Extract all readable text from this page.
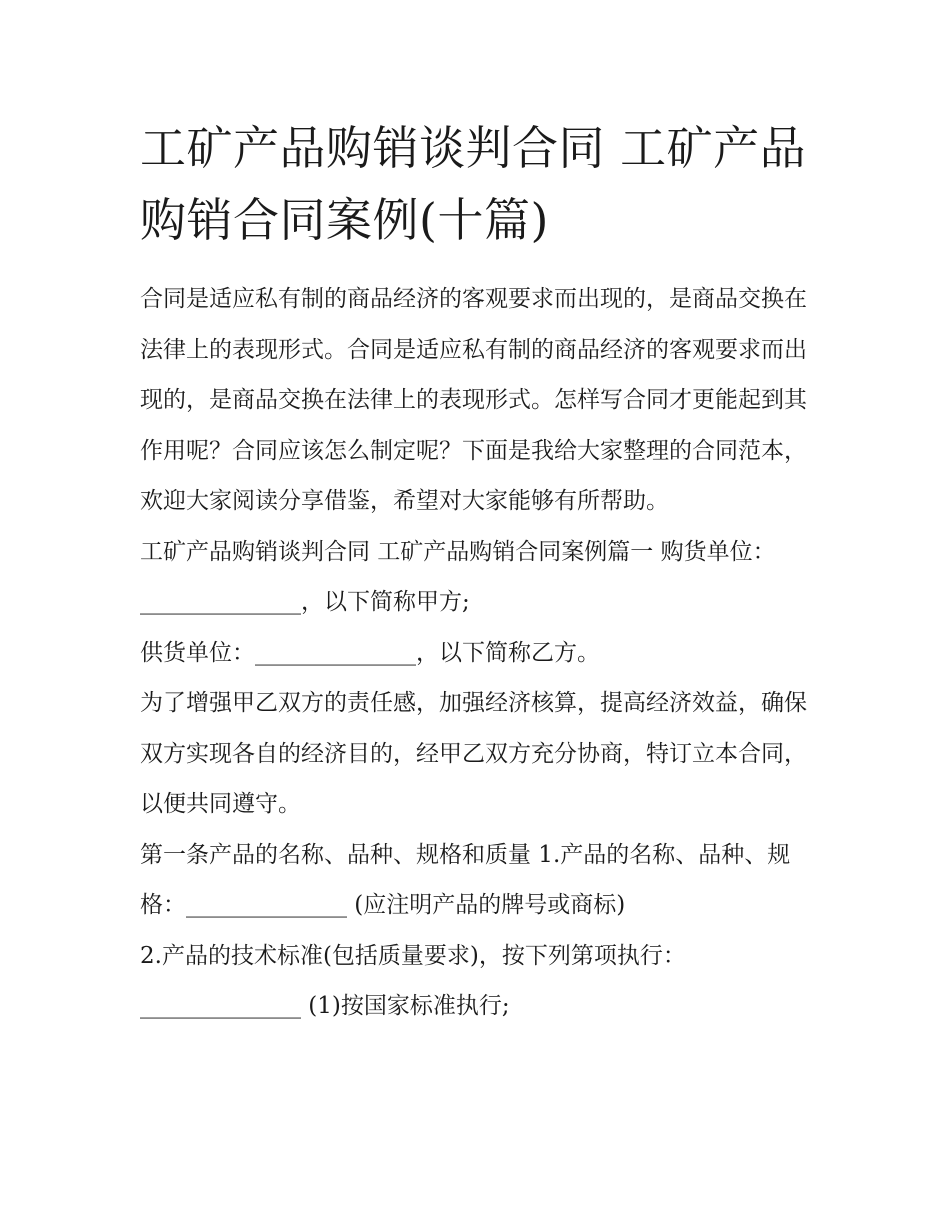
工矿产品购销谈判合同 工矿产品购销合同案例(十篇)

合同是适应私有制的商品经济的客观要求而出现的，是商品交换在法律上的表现形式。合同是适应私有制的商品经济的客观要求而出现的，是商品交换在法律上的表现形式。怎样写合同才更能起到其作用呢？合同应该怎么制定呢？下面是我给大家整理的合同范本，欢迎大家阅读分享借鉴，希望对大家能够有所帮助。

工矿产品购销谈判合同 工矿产品购销合同案例篇一 购货单位：______________，以下简称甲方;

供货单位：______________，以下简称乙方。

为了增强甲乙双方的责任感，加强经济核算，提高经济效益，确保双方实现各自的经济目的，经甲乙双方充分协商，特订立本合同，以便共同遵守。

第一条产品的名称、品种、规格和质量 1.产品的名称、品种、规格：______________ (应注明产品的牌号或商标)

2.产品的技术标准(包括质量要求)，按下列第项执行：______________ (1)按国家标准执行;
